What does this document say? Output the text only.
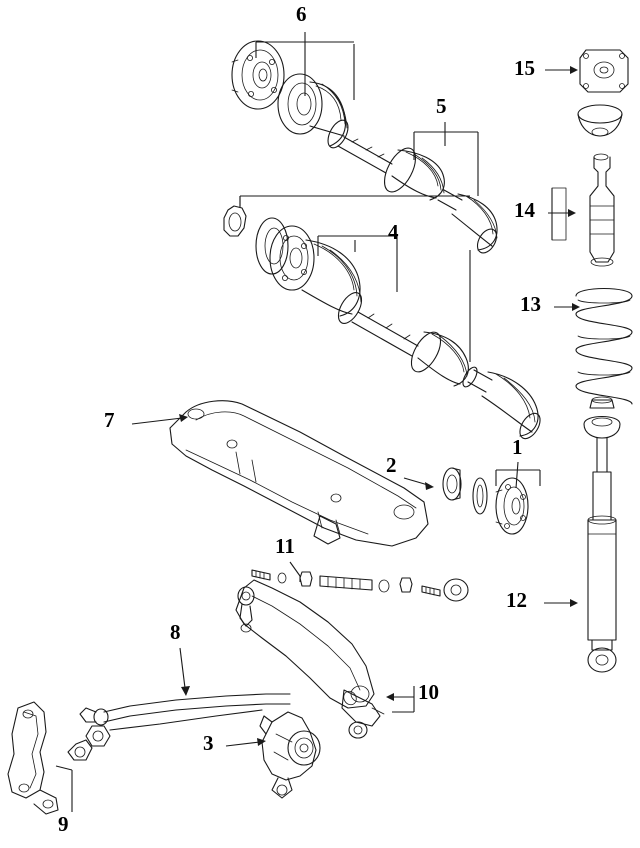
6
15
5
14
4
13
7
2
1
11
12
8
10
3
9
